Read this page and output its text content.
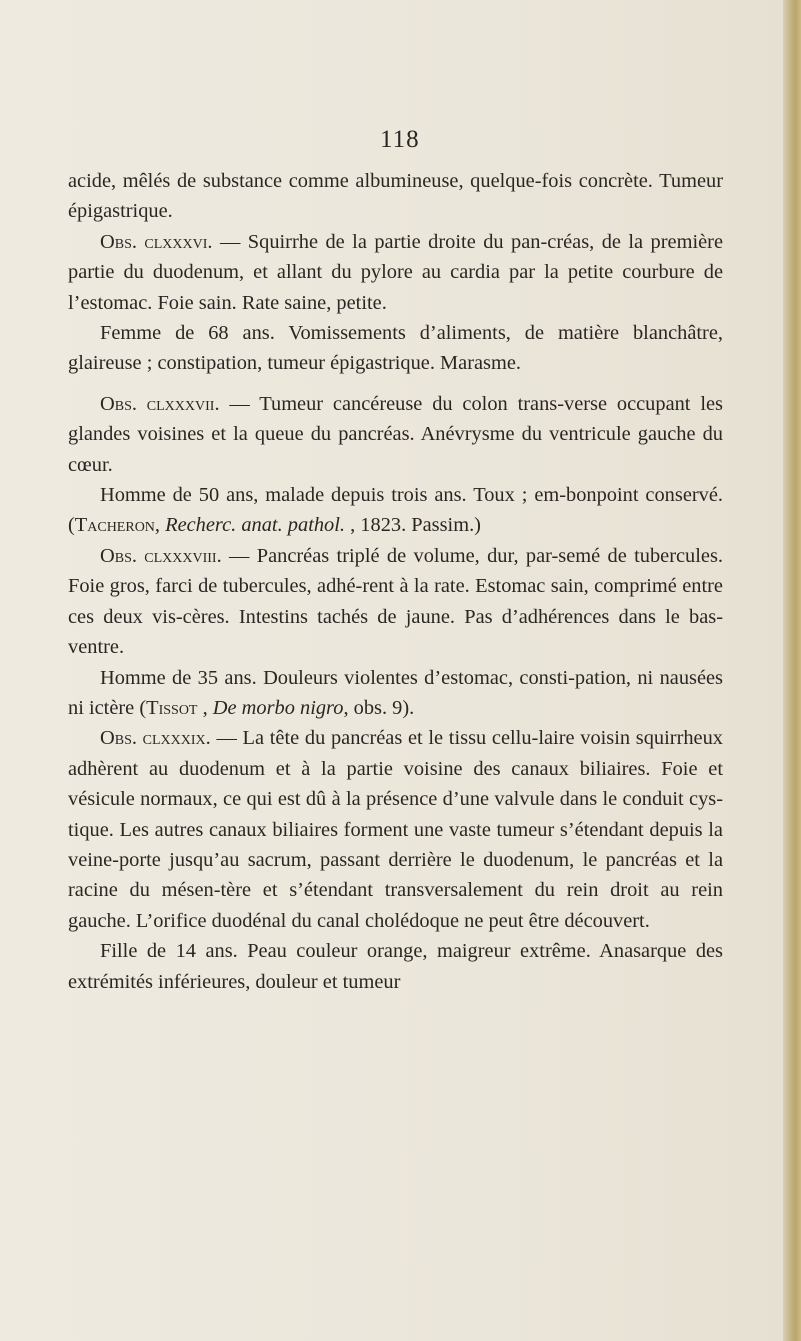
118

acide, mêlés de substance comme albumineuse, quelque-fois concrète. Tumeur épigastrique.

Obs. clxxxvi. — Squirrhe de la partie droite du pan-créas, de la première partie du duodenum, et allant du pylore au cardia par la petite courbure de l’estomac. Foie sain. Rate saine, petite.

Femme de 68 ans. Vomissements d’aliments, de matière blanchâtre, glaireuse ; constipation, tumeur épigastrique. Marasme.

Obs. clxxxvii. — Tumeur cancéreuse du colon trans-verse occupant les glandes voisines et la queue du pancréas. Anévrysme du ventricule gauche du cœur.

Homme de 50 ans, malade depuis trois ans. Toux ; em-bonpoint conservé. (Tacheron, Recherc. anat. pathol. , 1823. Passim.)

Obs. clxxxviii. — Pancréas triplé de volume, dur, par-semé de tubercules. Foie gros, farci de tubercules, adhé-rent à la rate. Estomac sain, comprimé entre ces deux vis-cères. Intestins tachés de jaune. Pas d’adhérences dans le bas-ventre.

Homme de 35 ans. Douleurs violentes d’estomac, consti-pation, ni nausées ni ictère (Tissot , De morbo nigro, obs. 9).

Obs. clxxxix. — La tête du pancréas et le tissu cellu-laire voisin squirrheux adhèrent au duodenum et à la partie voisine des canaux biliaires. Foie et vésicule normaux, ce qui est dû à la présence d’une valvule dans le conduit cys-tique. Les autres canaux biliaires forment une vaste tumeur s’étendant depuis la veine-porte jusqu’au sacrum, passant derrière le duodenum, le pancréas et la racine du mésen-tère et s’étendant transversalement du rein droit au rein gauche. L’orifice duodénal du canal cholédoque ne peut être découvert.

Fille de 14 ans. Peau couleur orange, maigreur extrême. Anasarque des extrémités inférieures, douleur et tumeur
